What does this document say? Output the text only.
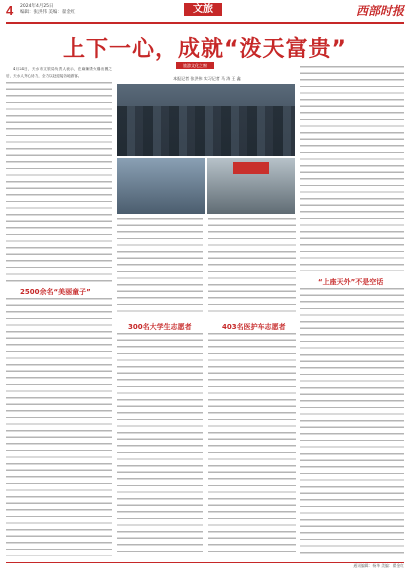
4 2024年4月25日
编辑：张洪伟 美编：翟金红	文旅	西部时报
上下一心，成就“泼天富贵”
旅游文化之窗
本报记者 张洪伟 实习记者 马 涛 王 鑫

4月24日，天水市文旅局负责人表示，在麻辣烫火爆出圈之后，天水人齐心协力，全力以赴迎接各地游客。

2500余名“美丽童子”
300名大学生志愿者	403名医护车志愿者
“上座天外”不是空话
通讯编辑：杨华 美编：翟金红
